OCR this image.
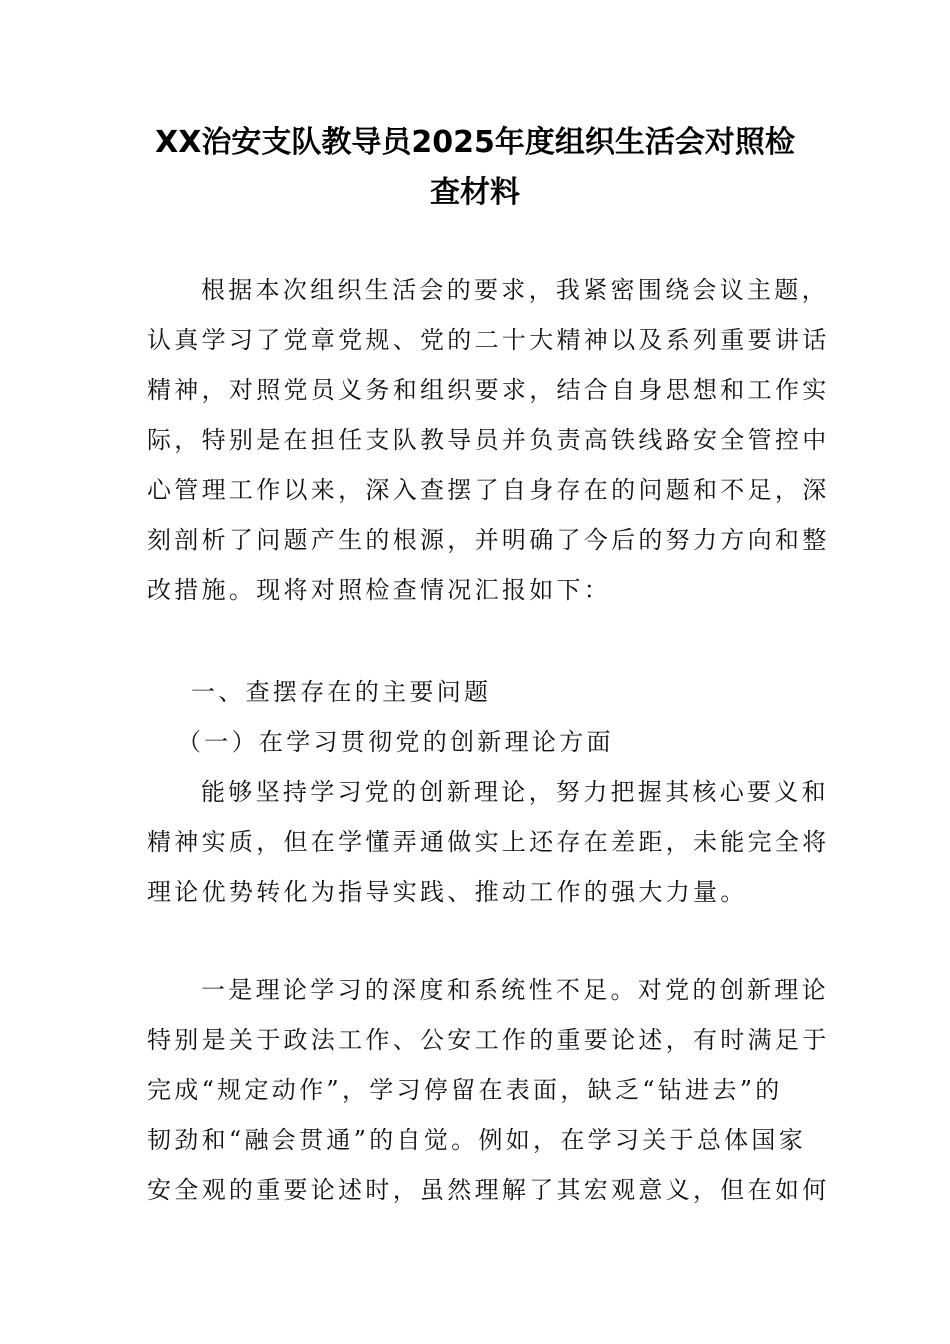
XX治安支队教导员2025年度组织生活会对照检
查材料
根据本次组织生活会的要求，我紧密围绕会议主题，
认真学习了党章党规、党的二十大精神以及系列重要讲话
精神，对照党员义务和组织要求，结合自身思想和工作实
际，特别是在担任支队教导员并负责高铁线路安全管控中
心管理工作以来，深入查摆了自身存在的问题和不足，深
刻剖析了问题产生的根源，并明确了今后的努力方向和整
改措施。现将对照检查情况汇报如下：
一、查摆存在的主要问题
（一）在学习贯彻党的创新理论方面
能够坚持学习党的创新理论，努力把握其核心要义和
精神实质，但在学懂弄通做实上还存在差距，未能完全将
理论优势转化为指导实践、推动工作的强大力量。
一是理论学习的深度和系统性不足。对党的创新理论
特别是关于政法工作、公安工作的重要论述，有时满足于
完成“规定动作”，学习停留在表面，缺乏“钻进去”的
韧劲和“融会贯通”的自觉。例如，在学习关于总体国家
安全观的重要论述时，虽然理解了其宏观意义，但在如何
